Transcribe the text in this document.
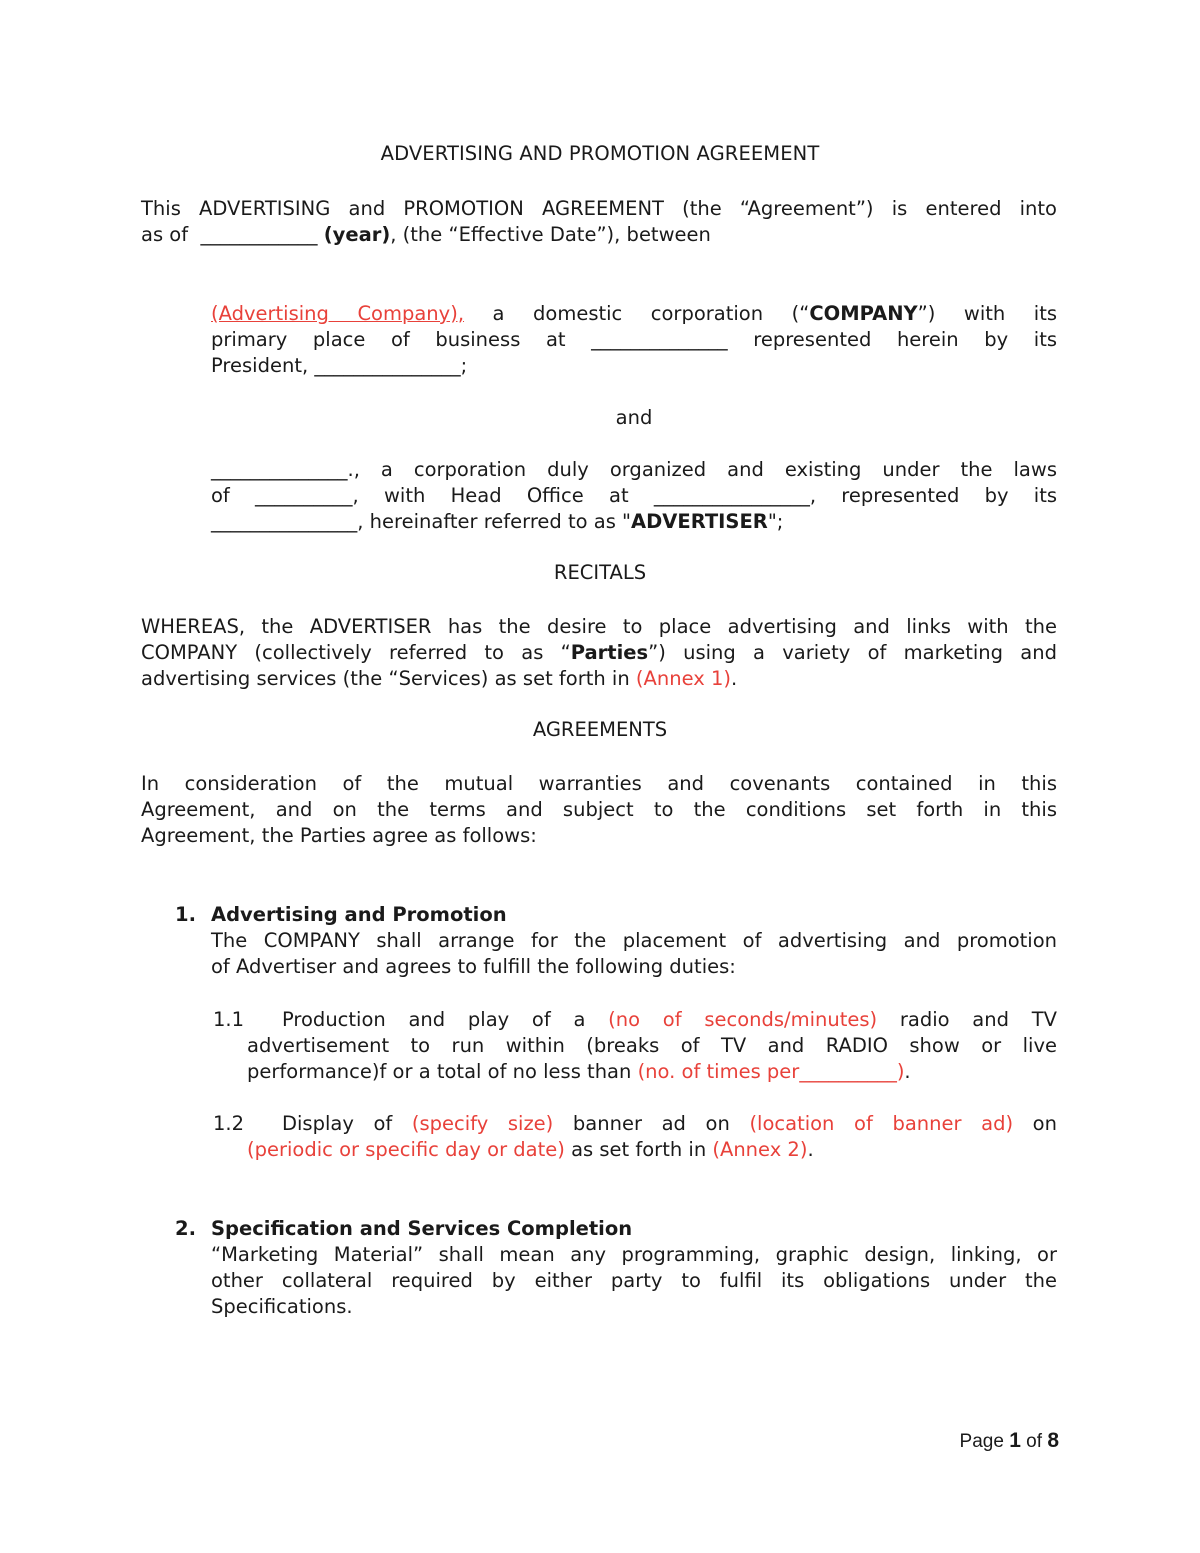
ADVERTISING AND PROMOTION AGREEMENT
This ADVERTISING and PROMOTION AGREEMENT (the “Agreement”) is entered into
as of ____________ (year), (the “Effective Date”), between
(Advertising Company), a domestic corporation (“COMPANY”) with its
primary place of business at ______________ represented herein by its
President, _______________;
and
______________., a corporation duly organized and existing under the laws
of __________, with Head Office at ________________, represented by its
_______________, hereinafter referred to as "ADVERTISER";
RECITALS
WHEREAS, the ADVERTISER has the desire to place advertising and links with the
COMPANY (collectively referred to as “Parties”) using a variety of marketing and
advertising services (the “Services) as set forth in (Annex 1).
AGREEMENTS
In consideration of the mutual warranties and covenants contained in this
Agreement, and on the terms and subject to the conditions set forth in this
Agreement, the Parties agree as follows:
1. Advertising and Promotion
The COMPANY shall arrange for the placement of advertising and promotion
of Advertiser and agrees to fulfill the following duties:
1.1 Production and play of a (no of seconds/minutes) radio and TV
advertisement to run within (breaks of TV and RADIO show or live
performance)f or a total of no less than (no. of times per__________).
1.2 Display of (specify size) banner ad on (location of banner ad) on
(periodic or specific day or date) as set forth in (Annex 2).
2. Specification and Services Completion
“Marketing Material” shall mean any programming, graphic design, linking, or
other collateral required by either party to fulfil its obligations under the
Specifications.
Page 1 of 8
